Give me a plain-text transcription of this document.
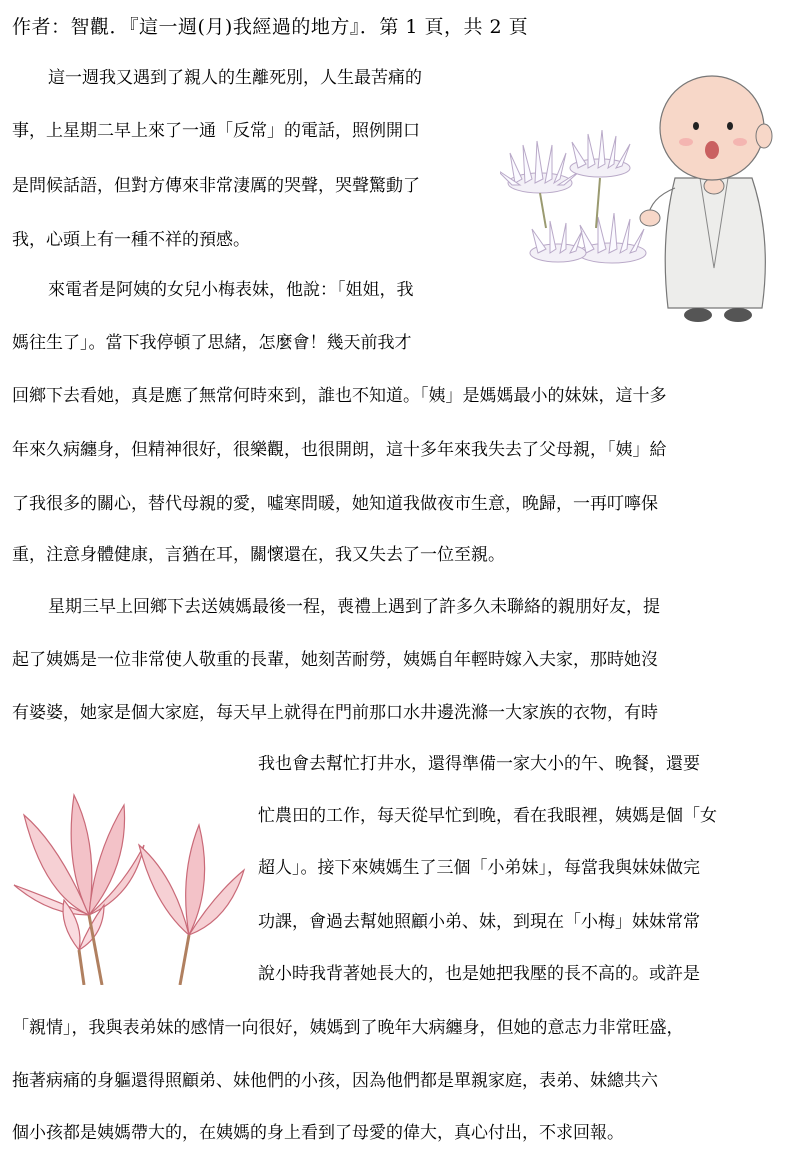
作者：智觀．『這一週(月)我經過的地方』．第 1 頁，共 2 頁
這一週我又遇到了親人的生離死別，人生最苦痛的
事，上星期二早上來了一通「反常」的電話，照例開口
是問候話語，但對方傳來非常淒厲的哭聲，哭聲驚動了
我，心頭上有一種不祥的預感。
來電者是阿姨的女兒小梅表妹，他說：「姐姐，我
媽往生了」。當下我停頓了思緒，怎麼會！幾天前我才
回鄉下去看她，真是應了無常何時來到，誰也不知道。「姨」是媽媽最小的妹妹，這十多
年來久病纏身，但精神很好，很樂觀，也很開朗，這十多年來我失去了父母親，「姨」給
了我很多的關心，替代母親的愛，噓寒問暖，她知道我做夜市生意，晚歸，一再叮嚀保
重，注意身體健康，言猶在耳，關懷還在，我又失去了一位至親。
星期三早上回鄉下去送姨媽最後一程，喪禮上遇到了許多久未聯絡的親朋好友，提
起了姨媽是一位非常使人敬重的長輩，她刻苦耐勞，姨媽自年輕時嫁入夫家，那時她沒
有婆婆，她家是個大家庭，每天早上就得在門前那口水井邊洗滌一大家族的衣物，有時
我也會去幫忙打井水，還得準備一家大小的午、晚餐，還要
忙農田的工作，每天從早忙到晚，看在我眼裡，姨媽是個「女
超人」。接下來姨媽生了三個「小弟妹」，每當我與妹妹做完
功課，會過去幫她照顧小弟、妹，到現在「小梅」妹妹常常
說小時我背著她長大的，也是她把我壓的長不高的。或許是
「親情」，我與表弟妹的感情一向很好，姨媽到了晚年大病纏身，但她的意志力非常旺盛，
拖著病痛的身軀還得照顧弟、妹他們的小孩，因為他們都是單親家庭，表弟、妹總共六
個小孩都是姨媽帶大的，在姨媽的身上看到了母愛的偉大，真心付出，不求回報。
